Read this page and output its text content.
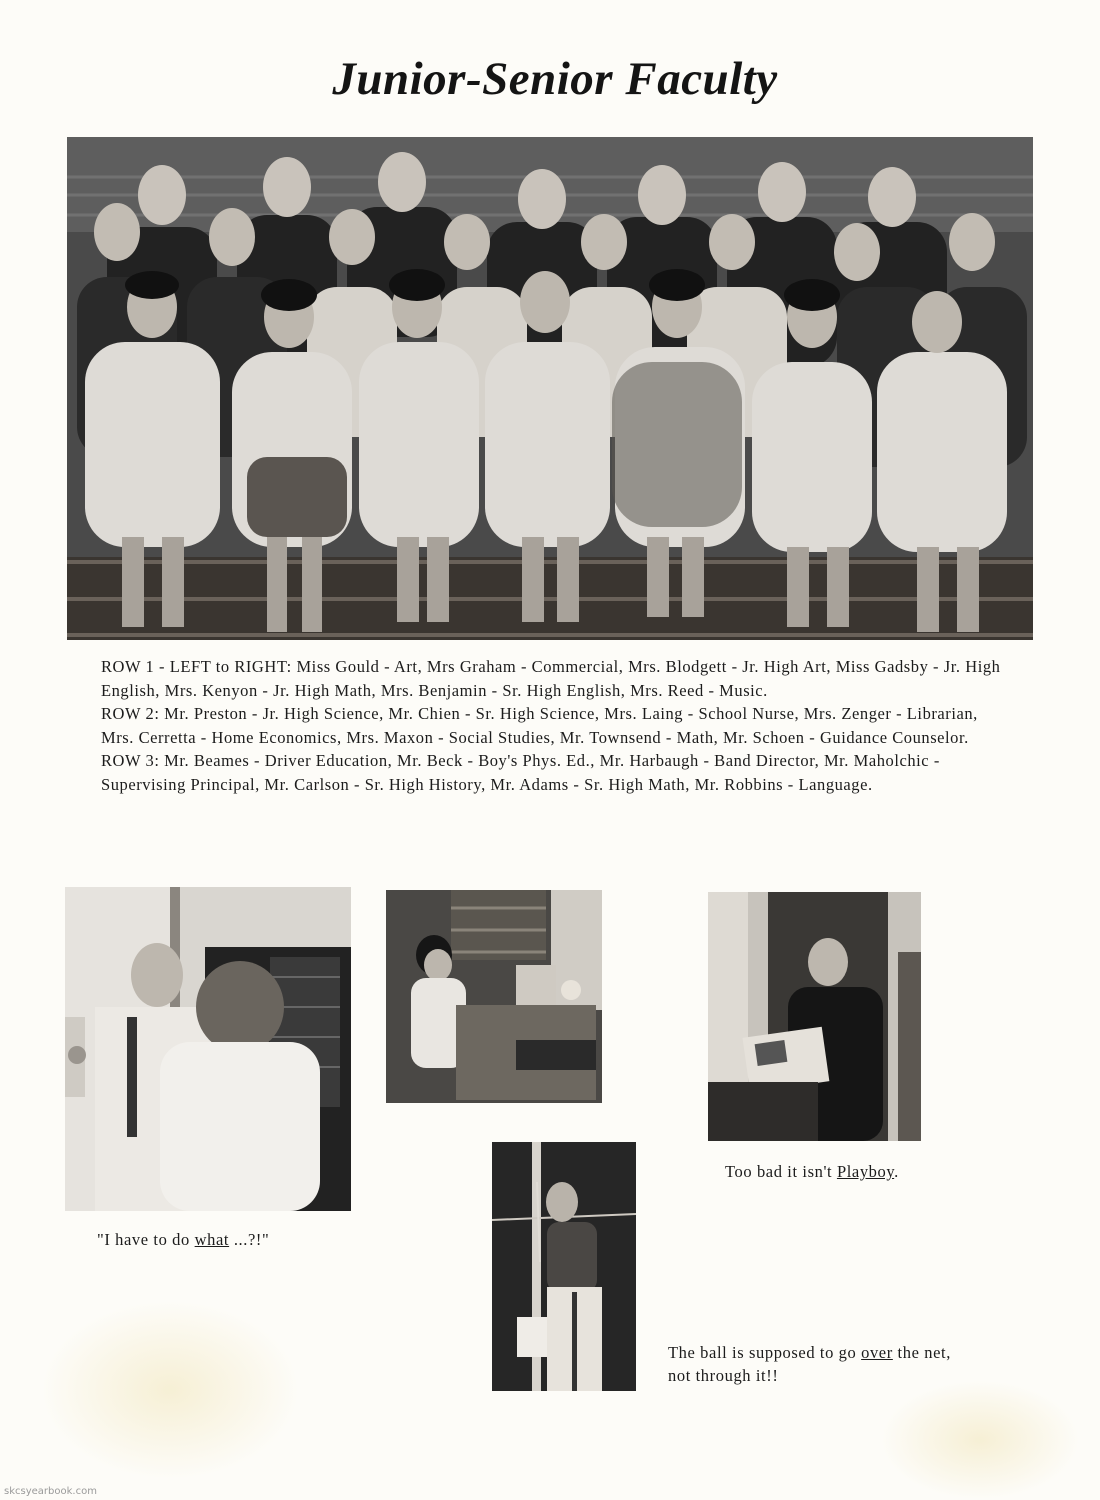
Junior-Senior Faculty

ROW 1 - LEFT to RIGHT: Miss Gould - Art, Mrs Graham - Commercial, Mrs. Blodgett - Jr. High Art, Miss Gadsby - Jr. High English, Mrs. Kenyon - Jr. High Math, Mrs. Benjamin - Sr. High English, Mrs. Reed - Music.

ROW 2: Mr. Preston - Jr. High Science, Mr. Chien - Sr. High Science, Mrs. Laing - School Nurse, Mrs. Zenger - Librarian, Mrs. Cerretta - Home Economics, Mrs. Maxon - Social Studies, Mr. Townsend - Math, Mr. Schoen - Guidance Counselor.

ROW 3: Mr. Beames - Driver Education, Mr. Beck - Boy's Phys. Ed., Mr. Harbaugh - Band Director, Mr. Maholchic - Supervising Principal, Mr. Carlson - Sr. High History, Mr. Adams - Sr. High Math, Mr. Robbins - Language.

"I have to do what ...?!"

Too bad it isn't Playboy.

The ball is supposed to go over the net, not through it!!

skcsyearbook.com
